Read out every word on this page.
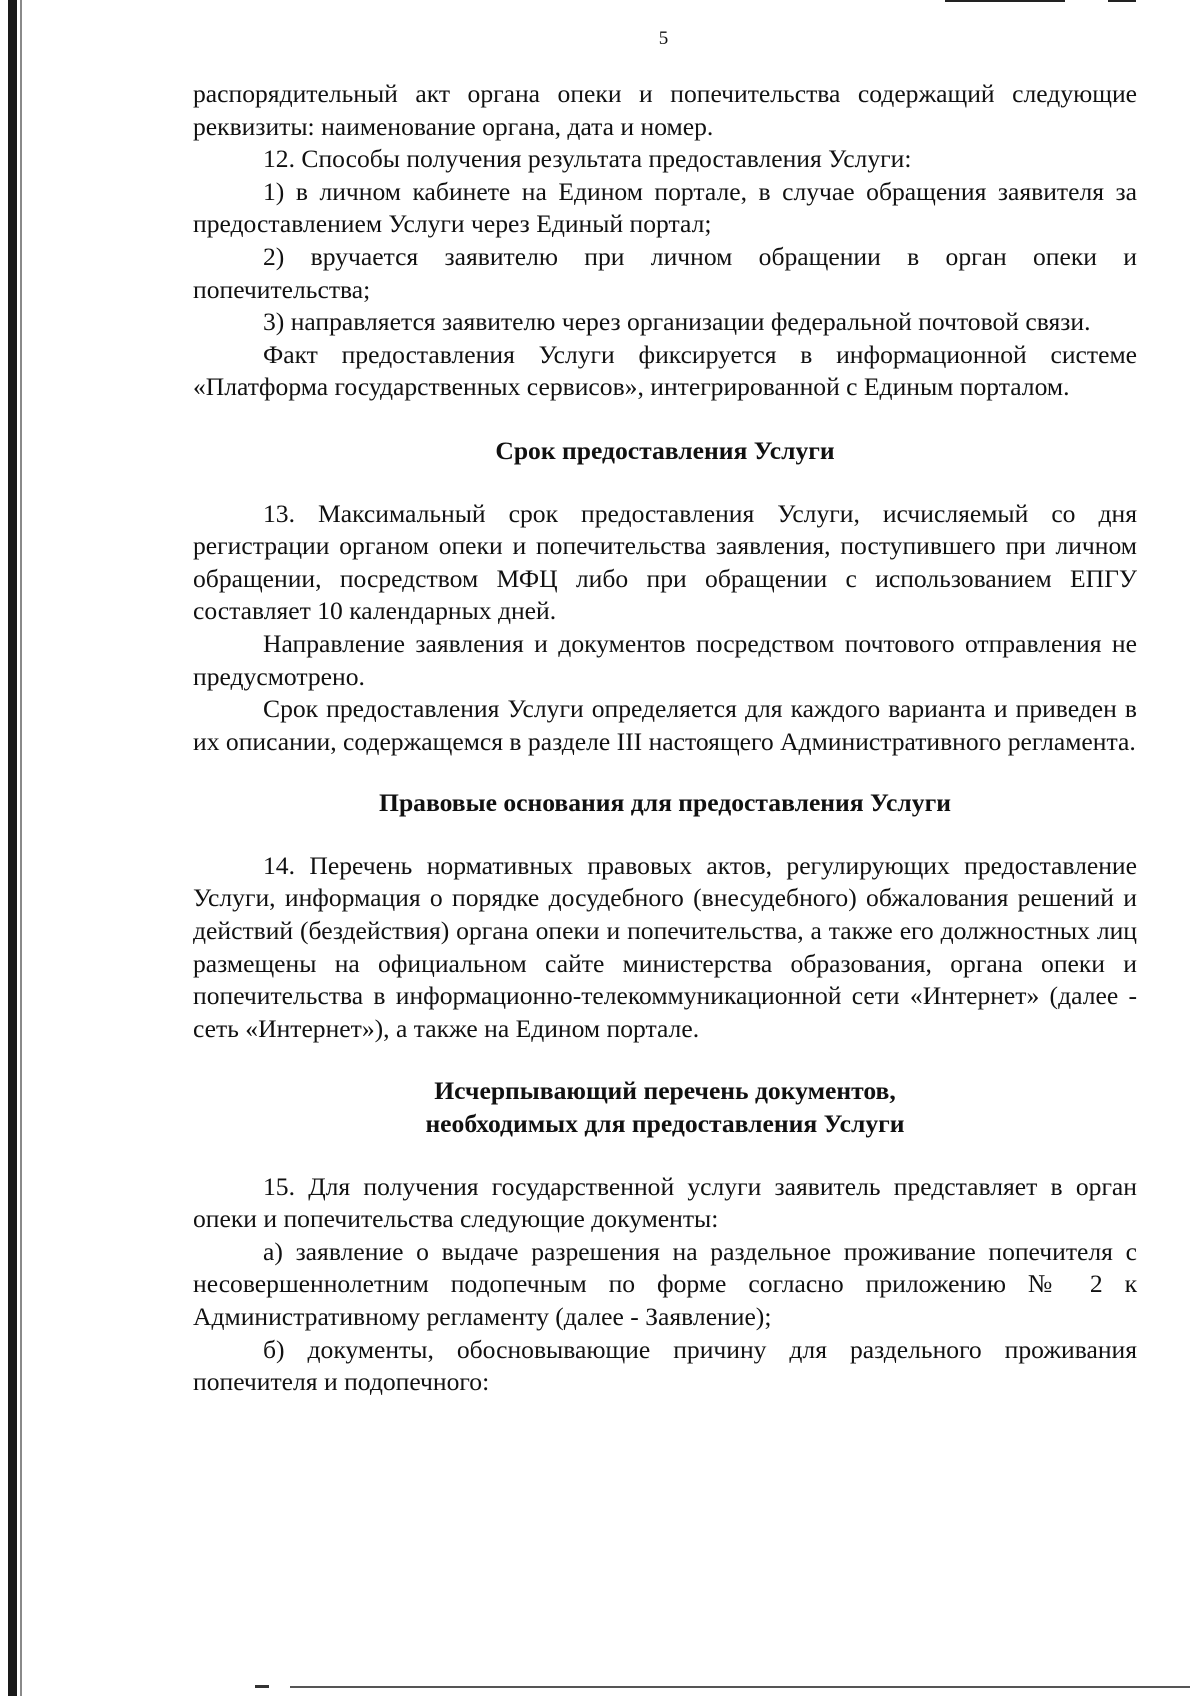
5

распорядительный акт органа опеки и попечительства содержащий следующие реквизиты: наименование органа, дата и номер.

12. Способы получения результата предоставления Услуги:

1) в личном кабинете на Едином портале, в случае обращения заявителя за предоставлением Услуги через Единый портал;

2) вручается заявителю при личном обращении в орган опеки и попечительства;

3) направляется заявителю через организации федеральной почтовой связи.

Факт предоставления Услуги фиксируется в информационной системе «Платформа государственных сервисов», интегрированной с Единым порталом.

Срок предоставления Услуги

13. Максимальный срок предоставления Услуги, исчисляемый со дня регистрации органом опеки и попечительства заявления, поступившего при личном обращении, посредством МФЦ либо при обращении с использованием ЕПГУ составляет 10 календарных дней.

Направление заявления и документов посредством почтового отправления не предусмотрено.

Срок предоставления Услуги определяется для каждого варианта и приведен в их описании, содержащемся в разделе III настоящего Административного регламента.

Правовые основания для предоставления Услуги

14. Перечень нормативных правовых актов, регулирующих предоставление Услуги, информация о порядке досудебного (внесудебного) обжалования решений и действий (бездействия) органа опеки и попечительства, а также его должностных лиц размещены на официальном сайте министерства образования, органа опеки и попечительства в информационно-телекоммуникационной сети «Интернет» (далее - сеть «Интернет»), а также на Едином портале.

Исчерпывающий перечень документов,
необходимых для предоставления Услуги

15. Для получения государственной услуги заявитель представляет в орган опеки и попечительства следующие документы:

а) заявление о выдаче разрешения на раздельное проживание попечителя с несовершеннолетним подопечным по форме согласно приложению № 2 к Административному регламенту (далее - Заявление);

б) документы, обосновывающие причину для раздельного проживания попечителя и подопечного:
